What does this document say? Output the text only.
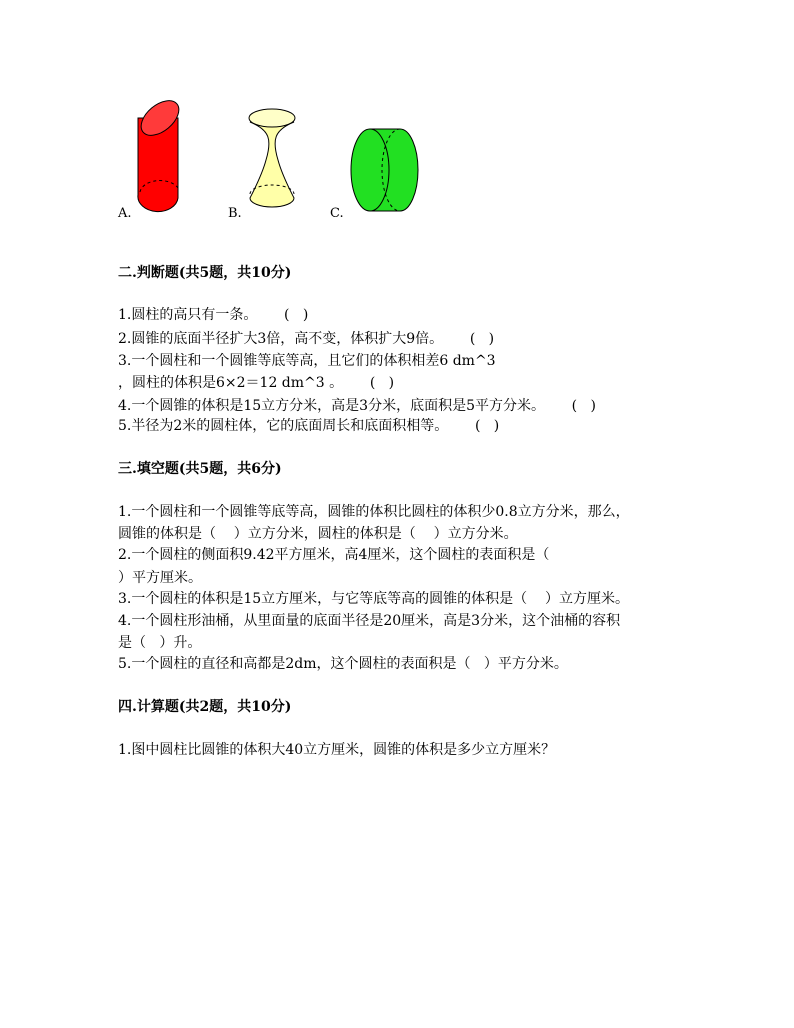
A.	B.	C.
二.判断题(共5题，共10分)
1.圆柱的高只有一条。      (   )
2.圆锥的底面半径扩大3倍，高不变，体积扩大9倍。      (   )
3.一个圆柱和一个圆锥等底等高，且它们的体积相差6 dm^3
，圆柱的体积是6×2＝12 dm^3 。      (   )
4.一个圆锥的体积是15立方分米，高是3分米，底面积是5平方分米。      (   )
5.半径为2米的圆柱体，它的底面周长和底面积相等。      (   )
三.填空题(共5题，共6分)
1.一个圆柱和一个圆锥等底等高，圆锥的体积比圆柱的体积少0.8立方分米，那么，
圆锥的体积是（    ）立方分米，圆柱的体积是（    ）立方分米。
2.一个圆柱的侧面积9.42平方厘米，高4厘米，这个圆柱的表面积是（
）平方厘米。
3.一个圆柱的体积是15立方厘米，与它等底等高的圆锥的体积是（    ）立方厘米。
4.一个圆柱形油桶，从里面量的底面半径是20厘米，高是3分米，这个油桶的容积
是（   ）升。
5.一个圆柱的直径和高都是2dm，这个圆柱的表面积是（   ）平方分米。
四.计算题(共2题，共10分)
1.图中圆柱比圆锥的体积大40立方厘米，圆锥的体积是多少立方厘米？
